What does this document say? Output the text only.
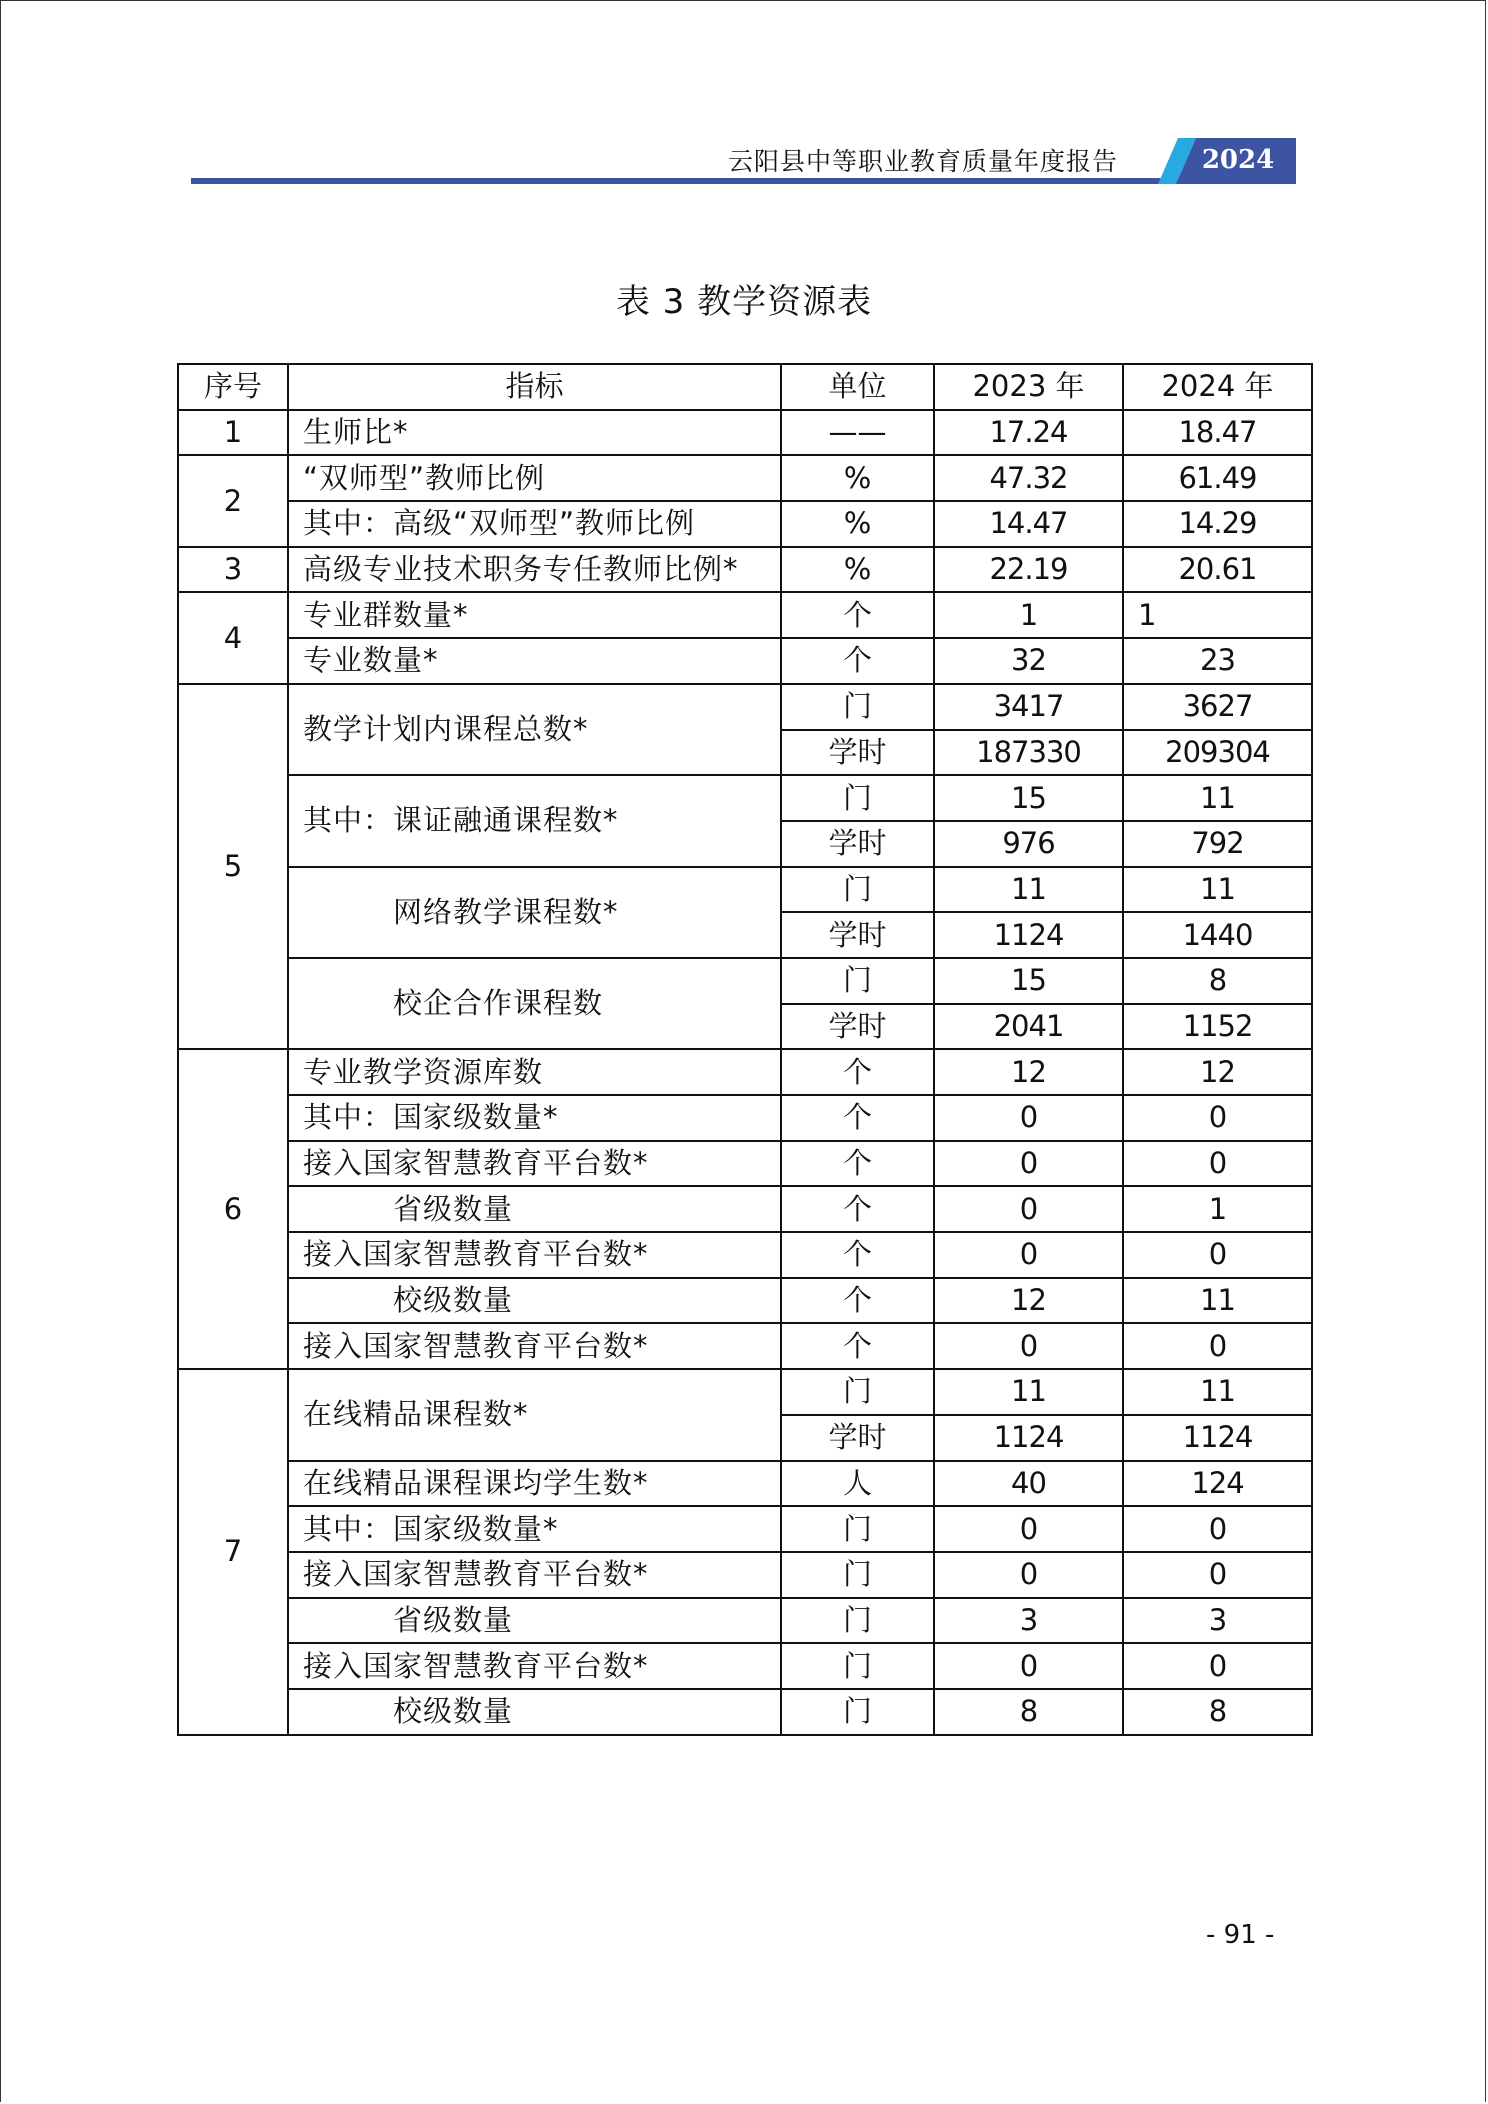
云阳县中等职业教育质量年度报告	2024
表 3 教学资源表
序号	指标	单位	2023 年	2024 年
1	生师比*	——	17.24	18.47
2	“双师型”教师比例	%	47.32	61.49
	其中：高级“双师型”教师比例	%	14.47	14.29
3	高级专业技术职务专任教师比例*	%	22.19	20.61
4	专业群数量*	个	1	1
	专业数量*	个	32	23
5	教学计划内课程总数*	门	3417	3627
		学时	187330	209304
	其中：课证融通课程数*	门	15	11
		学时	976	792
	网络教学课程数*	门	11	11
		学时	1124	1440
	校企合作课程数	门	15	8
		学时	2041	1152
6	专业教学资源库数	个	12	12
	其中：国家级数量*	个	0	0
	接入国家智慧教育平台数*	个	0	0
	省级数量	个	0	1
	接入国家智慧教育平台数*	个	0	0
	校级数量	个	12	11
	接入国家智慧教育平台数*	个	0	0
7	在线精品课程数*	门	11	11
		学时	1124	1124
	在线精品课程课均学生数*	人	40	124
	其中：国家级数量*	门	0	0
	接入国家智慧教育平台数*	门	0	0
	省级数量	门	3	3
	接入国家智慧教育平台数*	门	0	0
	校级数量	门	8	8
- 91 -
